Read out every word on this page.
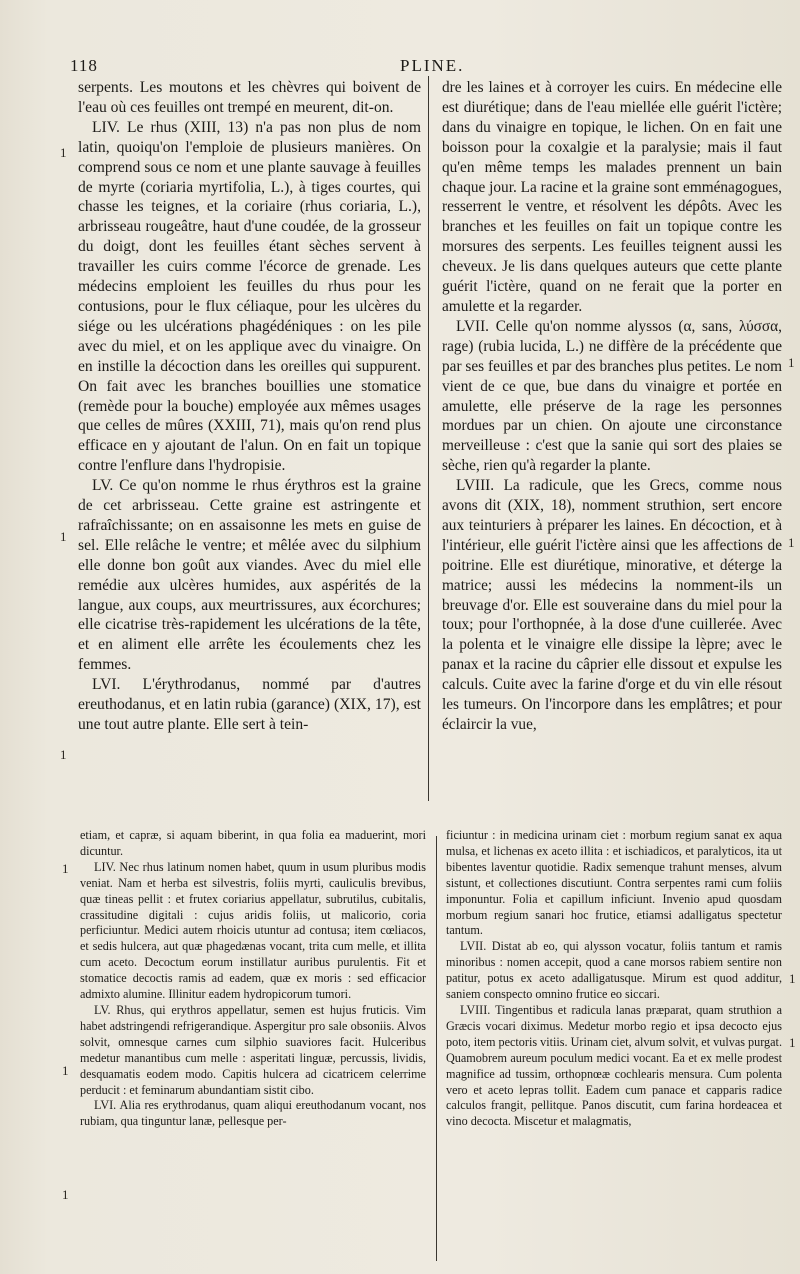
118	PLINE.

serpents. Les moutons et les chèvres qui boivent de l'eau où ces feuilles ont trempé en meurent, dit-on.

LIV. Le rhus (XIII, 13) n'a pas non plus de nom latin, quoiqu'on l'emploie de plusieurs manières. On comprend sous ce nom et une plante sauvage à feuilles de myrte (coriaria myrtifolia, L.), à tiges courtes, qui chasse les teignes, et la coriaire (rhus coriaria, L.), arbrisseau rougeâtre, haut d'une coudée, de la grosseur du doigt, dont les feuilles étant sèches servent à travailler les cuirs comme l'écorce de grenade. Les médecins emploient les feuilles du rhus pour les contusions, pour le flux céliaque, pour les ulcères du siége ou les ulcérations phagédéniques : on les pile avec du miel, et on les applique avec du vinaigre. On en instille la décoction dans les oreilles qui suppurent. On fait avec les branches bouillies une stomatice (remède pour la bouche) employée aux mêmes usages que celles de mûres (XXIII, 71), mais qu'on rend plus efficace en y ajoutant de l'alun. On en fait un topique contre l'enflure dans l'hydropisie.

LV. Ce qu'on nomme le rhus érythros est la graine de cet arbrisseau. Cette graine est astringente et rafraîchissante; on en assaisonne les mets en guise de sel. Elle relâche le ventre; et mêlée avec du silphium elle donne bon goût aux viandes. Avec du miel elle remédie aux ulcères humides, aux aspérités de la langue, aux coups, aux meurtrissures, aux écorchures; elle cicatrise très-rapidement les ulcérations de la tête, et en aliment elle arrête les écoulements chez les femmes.

LVI. L'érythrodanus, nommé par d'autres ereuthodanus, et en latin rubia (garance) (XIX, 17), est une tout autre plante. Elle sert à tein-

dre les laines et à corroyer les cuirs. En médecine elle est diurétique; dans de l'eau miellée elle guérit l'ictère; dans du vinaigre en topique, le lichen. On en fait une boisson pour la coxalgie et la paralysie; mais il faut qu'en même temps les malades prennent un bain chaque jour. La racine et la graine sont emménagogues, resserrent le ventre, et résolvent les dépôts. Avec les branches et les feuilles on fait un topique contre les morsures des serpents. Les feuilles teignent aussi les cheveux. Je lis dans quelques auteurs que cette plante guérit l'ictère, quand on ne ferait que la porter en amulette et la regarder.

LVII. Celle qu'on nomme alyssos (α, sans, λύσσα, rage) (rubia lucida, L.) ne diffère de la précédente que par ses feuilles et par des branches plus petites. Le nom vient de ce que, bue dans du vinaigre et portée en amulette, elle préserve de la rage les personnes mordues par un chien. On ajoute une circonstance merveilleuse : c'est que la sanie qui sort des plaies se sèche, rien qu'à regarder la plante.

LVIII. La radicule, que les Grecs, comme nous avons dit (XIX, 18), nomment struthion, sert encore aux teinturiers à préparer les laines. En décoction, et à l'intérieur, elle guérit l'ictère ainsi que les affections de poitrine. Elle est diurétique, minorative, et déterge la matrice; aussi les médecins la nomment-ils un breuvage d'or. Elle est souveraine dans du miel pour la toux; pour l'orthopnée, à la dose d'une cuillerée. Avec la polenta et le vinaigre elle dissipe la lèpre; avec le panax et la racine du câprier elle dissout et expulse les calculs. Cuite avec la farine d'orge et du vin elle résout les tumeurs. On l'incorpore dans les emplâtres; et pour éclaircir la vue,

etiam, et capræ, si aquam biberint, in qua folia ea maduerint, mori dicuntur.

LIV. Nec rhus latinum nomen habet, quum in usum pluribus modis veniat. Nam et herba est silvestris, foliis myrti, cauliculis brevibus, quæ tineas pellit : et frutex coriarius appellatur, subrutilus, cubitalis, crassitudine digitali : cujus aridis foliis, ut malicorio, coria perficiuntur. Medici autem rhoicis utuntur ad contusa; item cœliacos, et sedis hulcera, aut quæ phagedænas vocant, trita cum melle, et illita cum aceto. Decoctum eorum instillatur auribus purulentis. Fit et stomatice decoctis ramis ad eadem, quæ ex moris : sed efficacior admixto alumine. Illinitur eadem hydropicorum tumori.

LV. Rhus, qui erythros appellatur, semen est hujus fruticis. Vim habet adstringendi refrigerandique. Aspergitur pro sale obsoniis. Alvos solvit, omnesque carnes cum silphio suaviores facit. Hulceribus medetur manantibus cum melle : asperitati linguæ, percussis, lividis, desquamatis eodem modo. Capitis hulcera ad cicatricem celerrime perducit : et feminarum abundantiam sistit cibo.

LVI. Alia res erythrodanus, quam aliqui ereuthodanum vocant, nos rubiam, qua tinguntur lanæ, pellesque per-

ficiuntur : in medicina urinam ciet : morbum regium sanat ex aqua mulsa, et lichenas ex aceto illita : et ischiadicos, et paralyticos, ita ut bibentes laventur quotidie. Radix semenque trahunt menses, alvum sistunt, et collectiones discutiunt. Contra serpentes rami cum foliis imponuntur. Folia et capillum inficiunt. Invenio apud quosdam morbum regium sanari hoc frutice, etiamsi adalligatus spectetur tantum.

LVII. Distat ab eo, qui alysson vocatur, foliis tantum et ramis minoribus : nomen accepit, quod a cane morsos rabiem sentire non patitur, potus ex aceto adalligatusque. Mirum est quod additur, saniem conspecto omnino frutice eo siccari.

LVIII. Tingentibus et radicula lanas præparat, quam struthion a Græcis vocari diximus. Medetur morbo regio et ipsa decocto ejus poto, item pectoris vitiis. Urinam ciet, alvum solvit, et vulvas purgat. Quamobrem aureum poculum medici vocant. Ea et ex melle prodest magnifice ad tussim, orthopnœæ cochlearis mensura. Cum polenta vero et aceto lepras tollit. Eadem cum panace et capparis radice calculos frangit, pellitque. Panos discutit, cum farina hordeacea et vino decocta. Miscetur et malagmatis,

1
1
1
1
1
1
1
1
1
1
